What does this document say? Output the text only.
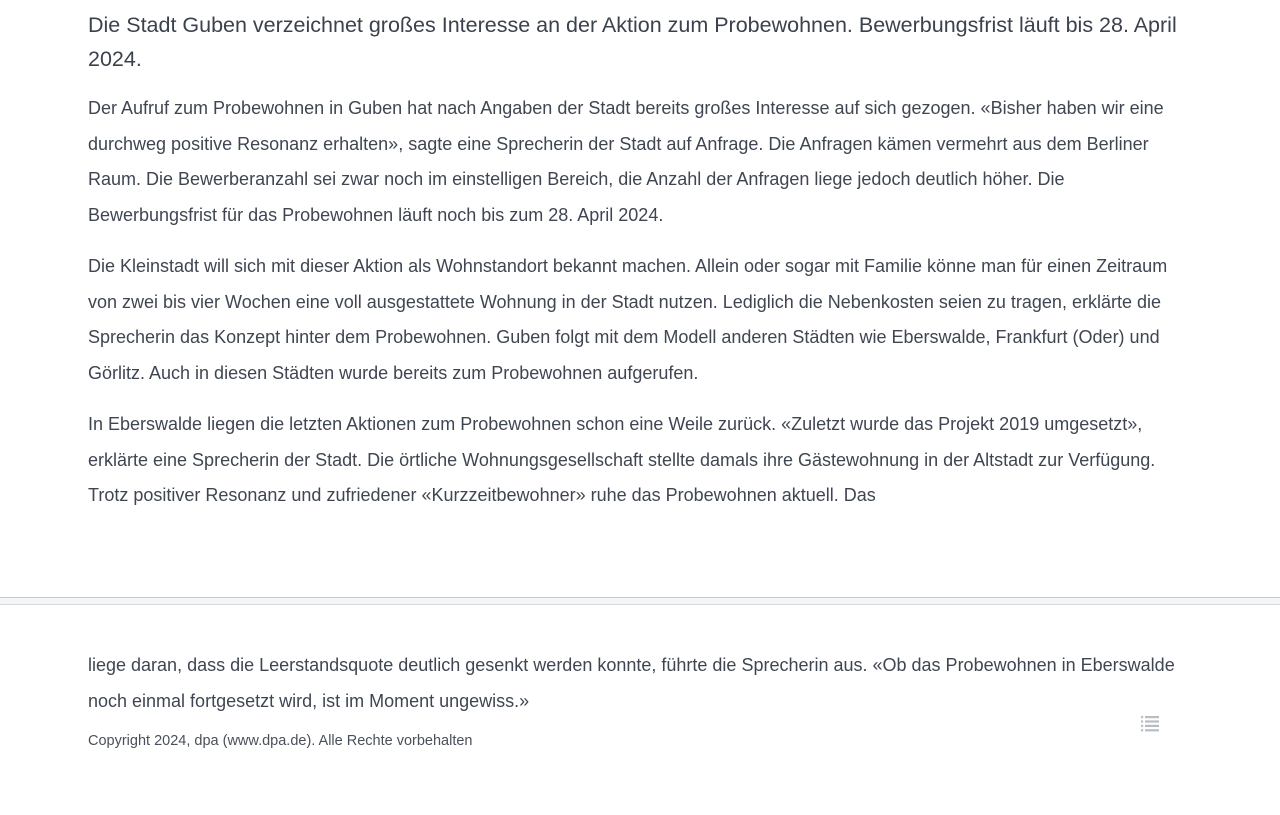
Die Stadt Guben verzeichnet großes Interesse an der Aktion zum Probewohnen. Bewerbungsfrist läuft bis 28. April 2024.

Der Aufruf zum Probewohnen in Guben hat nach Angaben der Stadt bereits großes Interesse auf sich gezogen. «Bisher haben wir eine durchweg positive Resonanz erhalten», sagte eine Sprecherin der Stadt auf Anfrage. Die Anfragen kämen vermehrt aus dem Berliner Raum. Die Bewerberanzahl sei zwar noch im einstelligen Bereich, die Anzahl der Anfragen liege jedoch deutlich höher. Die Bewerbungsfrist für das Probewohnen läuft noch bis zum 28. April 2024.

Die Kleinstadt will sich mit dieser Aktion als Wohnstandort bekannt machen. Allein oder sogar mit Familie könne man für einen Zeitraum von zwei bis vier Wochen eine voll ausgestattete Wohnung in der Stadt nutzen. Lediglich die Nebenkosten seien zu tragen, erklärte die Sprecherin das Konzept hinter dem Probewohnen. Guben folgt mit dem Modell anderen Städten wie Eberswalde, Frankfurt (Oder) und Görlitz. Auch in diesen Städten wurde bereits zum Probewohnen aufgerufen.

In Eberswalde liegen die letzten Aktionen zum Probewohnen schon eine Weile zurück. «Zuletzt wurde das Projekt 2019 umgesetzt», erklärte eine Sprecherin der Stadt. Die örtliche Wohnungsgesellschaft stellte damals ihre Gästewohnung in der Altstadt zur Verfügung. Trotz positiver Resonanz und zufriedener «Kurzzeitbewohner» ruhe das Probewohnen aktuell. Das

liege daran, dass die Leerstandsquote deutlich gesenkt werden konnte, führte die Sprecherin aus. «Ob das Probewohnen in Eberswalde noch einmal fortgesetzt wird, ist im Moment ungewiss.»

Copyright 2024, dpa (www.dpa.de). Alle Rechte vorbehalten
